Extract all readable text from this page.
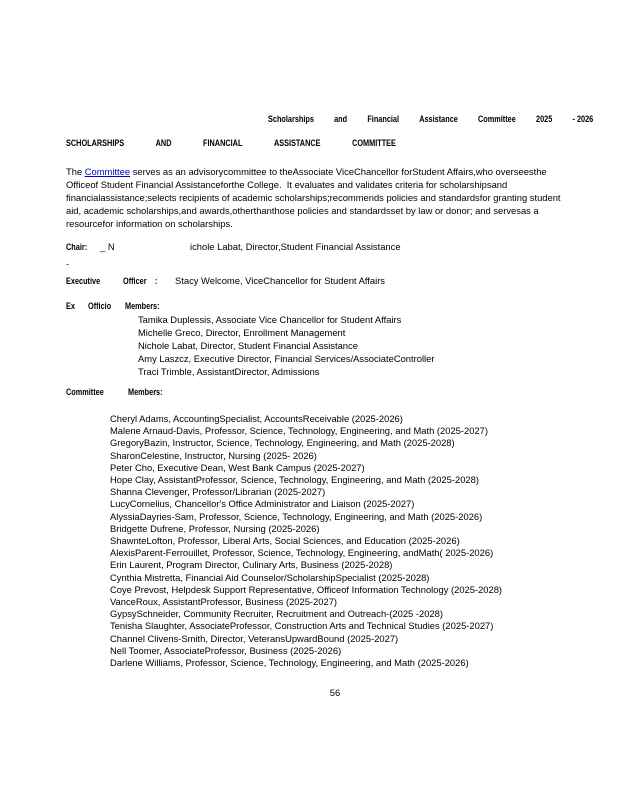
Scholarships and Financial Assistance Committee 2025 - 2026
SCHOLARSHIPS	AND	FINANCIAL	ASSISTANCE	COMMITTEE
The Committee serves as an advisorycommittee to theAssociate ViceChancellor forStudent Affairs,who overseesthe Officeof Student Financial Assistanceforthe College.  It evaluates and validates criteria for scholarshipsand financialassistance;selects recipients of academic scholarships;recommends policies and standardsfor granting student aid, academic scholarships,and awards,otherthanthose policies and standardsset by law or donor; and servesas a resourcefor information on scholarships.
Chair: _ N	ichole Labat, Director,Student Financial Assistance
-
Executive Officer : Stacy Welcome, ViceChancellor for Student Affairs
Ex Officio Members:
Tamika Duplessis, Associate Vice Chancellor for Student Affairs
Michelle Greco, Director, Enrollment Management
Nichole Labat, Director, Student Financial Assistance
Amy Laszcz, Executive Director, Financial Services/AssociateController
Traci Trimble, AssistantDirector, Admissions
Committee	Members:
Cheryl Adams, AccountingSpecialist, AccountsReceivable (2025-2026)
Malene Arnaud-Davis, Professor, Science, Technology, Engineering, and Math (2025-2027)
GregoryBazin, Instructor, Science, Technology, Engineering, and Math (2025-2028)
SharonCelestine, Instructor, Nursing (2025- 2026)
Peter Cho, Executive Dean, West Bank Campus (2025-2027)
Hope Clay, AssistantProfessor, Science, Technology, Engineering, and Math (2025-2028)
Shanna Clevenger, Professor/Librarian (2025-2027)
LucyCornelius, Chancellor's Office Administrator and Liaison (2025-2027)
AlyssiaDayries-Sam, Professor, Science, Technology, Engineering, and Math (2025-2026)
Bridgette Dufrene, Professor, Nursing (2025-2026)
ShawnteLofton, Professor, Liberal Arts, Social Sciences, and Education (2025-2026)
AlexisParent-Ferrouillet, Professor, Science, Technology, Engineering, andMath( 2025-2026)
Erin Laurent, Program Director, Culinary Arts, Business (2025-2028)
Cynthia Mistretta, Financial Aid Counselor/ScholarshipSpecialist (2025-2028)
Coye Prevost, Helpdesk Support Representative, Officeof Information Technology (2025-2028)
VanceRoux, AssistantProfessor, Business (2025-2027)
GypsySchneider, Community Recruiter, Recruitment and Outreach-(2025 -2028)
Tenisha Slaughter, AssociateProfessor, Construction Arts and Technical Studies (2025-2027)
Channel Clivens-Smith, Director, VeteransUpwardBound (2025-2027)
Nell Toomer, AssociateProfessor, Business (2025-2026)
Darlene Williams, Professor, Science, Technology, Engineering, and Math (2025-2026)
56
